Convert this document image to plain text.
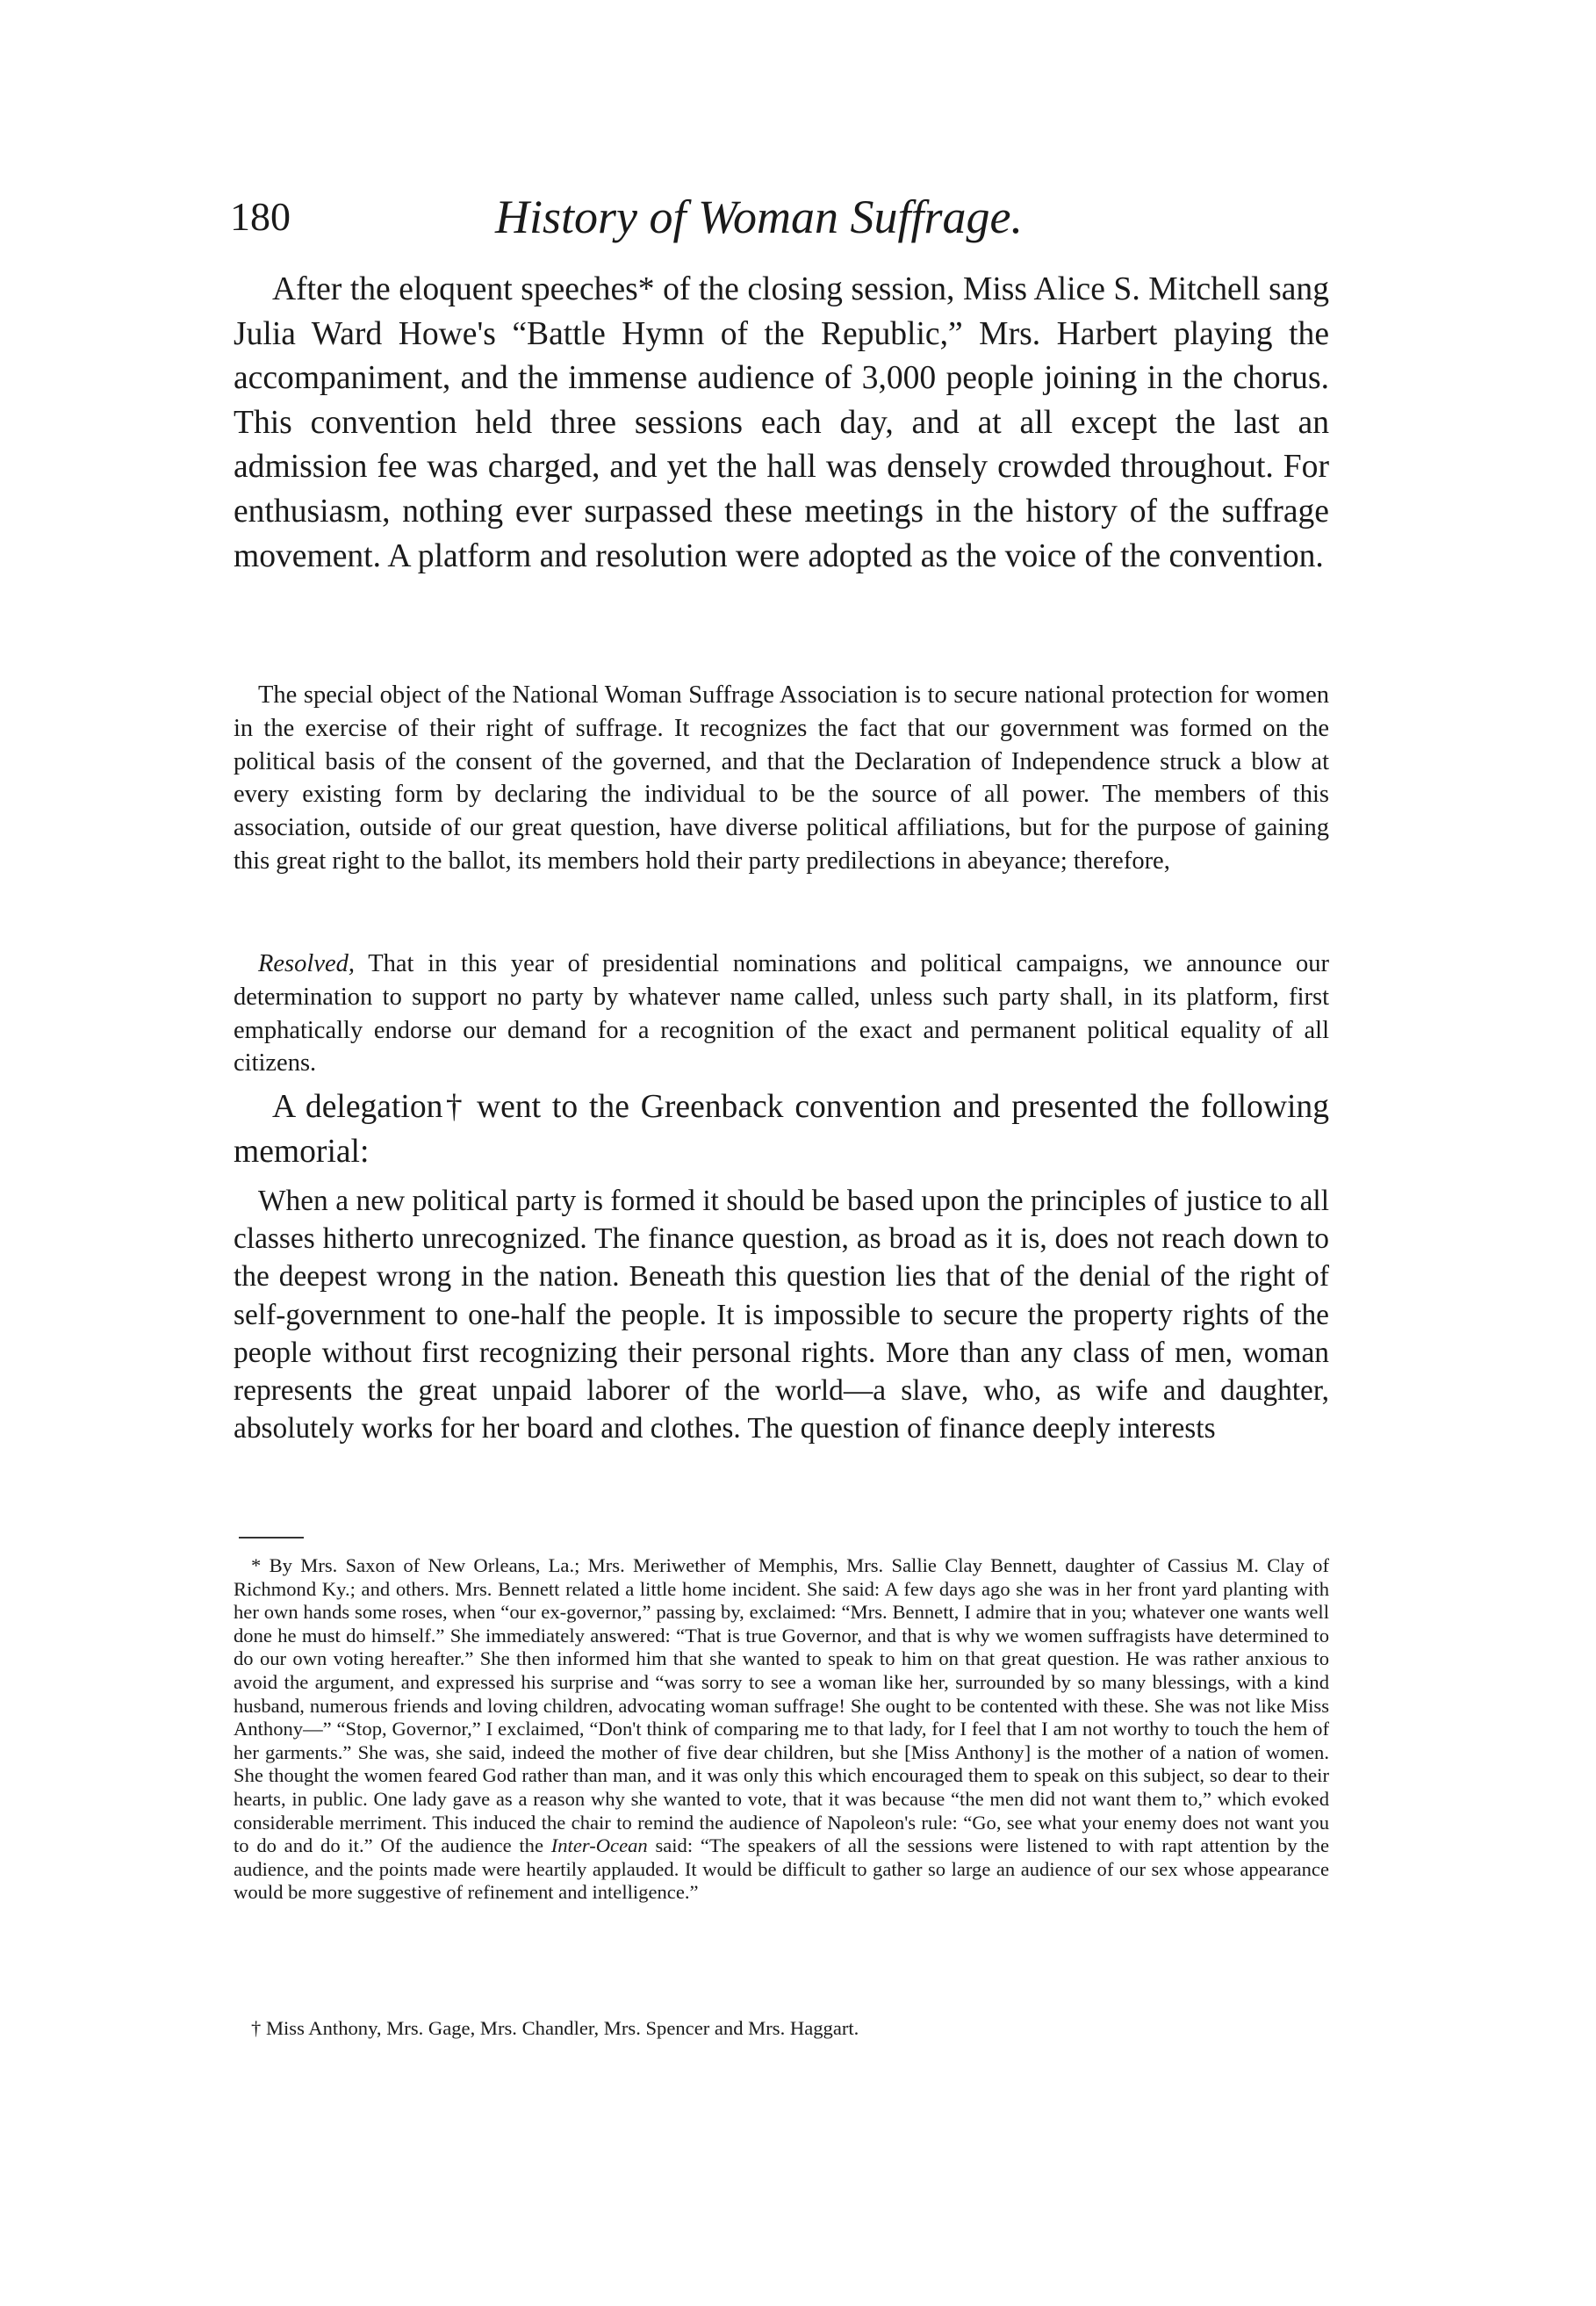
180	History of Woman Suffrage.

After the eloquent speeches* of the closing session, Miss Alice S. Mitchell sang Julia Ward Howe's “Battle Hymn of the Republic,” Mrs. Harbert playing the accompaniment, and the immense audience of 3,000 people joining in the chorus. This convention held three sessions each day, and at all except the last an admission fee was charged, and yet the hall was densely crowded throughout. For enthusiasm, nothing ever surpassed these meetings in the history of the suffrage movement. A platform and resolution were adopted as the voice of the convention.

The special object of the National Woman Suffrage Association is to secure national protection for women in the exercise of their right of suffrage. It recognizes the fact that our government was formed on the political basis of the consent of the governed, and that the Declaration of Independence struck a blow at every existing form by declaring the individual to be the source of all power. The members of this association, outside of our great question, have diverse political affiliations, but for the purpose of gaining this great right to the ballot, its members hold their party predilections in abeyance; therefore,

Resolved, That in this year of presidential nominations and political campaigns, we announce our determination to support no party by whatever name called, unless such party shall, in its platform, first emphatically endorse our demand for a recognition of the exact and permanent political equality of all citizens.

A delegation† went to the Greenback convention and presented the following memorial:

When a new political party is formed it should be based upon the principles of justice to all classes hitherto unrecognized. The finance question, as broad as it is, does not reach down to the deepest wrong in the nation. Beneath this question lies that of the denial of the right of self-government to one-half the people. It is impossible to secure the property rights of the people without first recognizing their personal rights. More than any class of men, woman represents the great unpaid laborer of the world—a slave, who, as wife and daughter, absolutely works for her board and clothes. The question of finance deeply interests

* By Mrs. Saxon of New Orleans, La.; Mrs. Meriwether of Memphis, Mrs. Sallie Clay Bennett, daughter of Cassius M. Clay of Richmond Ky.; and others. Mrs. Bennett related a little home incident. She said: A few days ago she was in her front yard planting with her own hands some roses, when “our ex-governor,” passing by, exclaimed: “Mrs. Bennett, I admire that in you; whatever one wants well done he must do himself.” She immediately answered: “That is true Governor, and that is why we women suffragists have determined to do our own voting hereafter.” She then informed him that she wanted to speak to him on that great question. He was rather anxious to avoid the argument, and expressed his surprise and “was sorry to see a woman like her, surrounded by so many blessings, with a kind husband, numerous friends and loving children, advocating woman suffrage! She ought to be contented with these. She was not like Miss Anthony—” “Stop, Governor,” I exclaimed, “Don't think of comparing me to that lady, for I feel that I am not worthy to touch the hem of her garments.” She was, she said, indeed the mother of five dear children, but she [Miss Anthony] is the mother of a nation of women. She thought the women feared God rather than man, and it was only this which encouraged them to speak on this subject, so dear to their hearts, in public. One lady gave as a reason why she wanted to vote, that it was because “the men did not want them to,” which evoked considerable merriment. This induced the chair to remind the audience of Napoleon's rule: “Go, see what your enemy does not want you to do and do it.” Of the audience the Inter-Ocean said: “The speakers of all the sessions were listened to with rapt attention by the audience, and the points made were heartily applauded. It would be difficult to gather so large an audience of our sex whose appearance would be more suggestive of refinement and intelligence.”

† Miss Anthony, Mrs. Gage, Mrs. Chandler, Mrs. Spencer and Mrs. Haggart.
